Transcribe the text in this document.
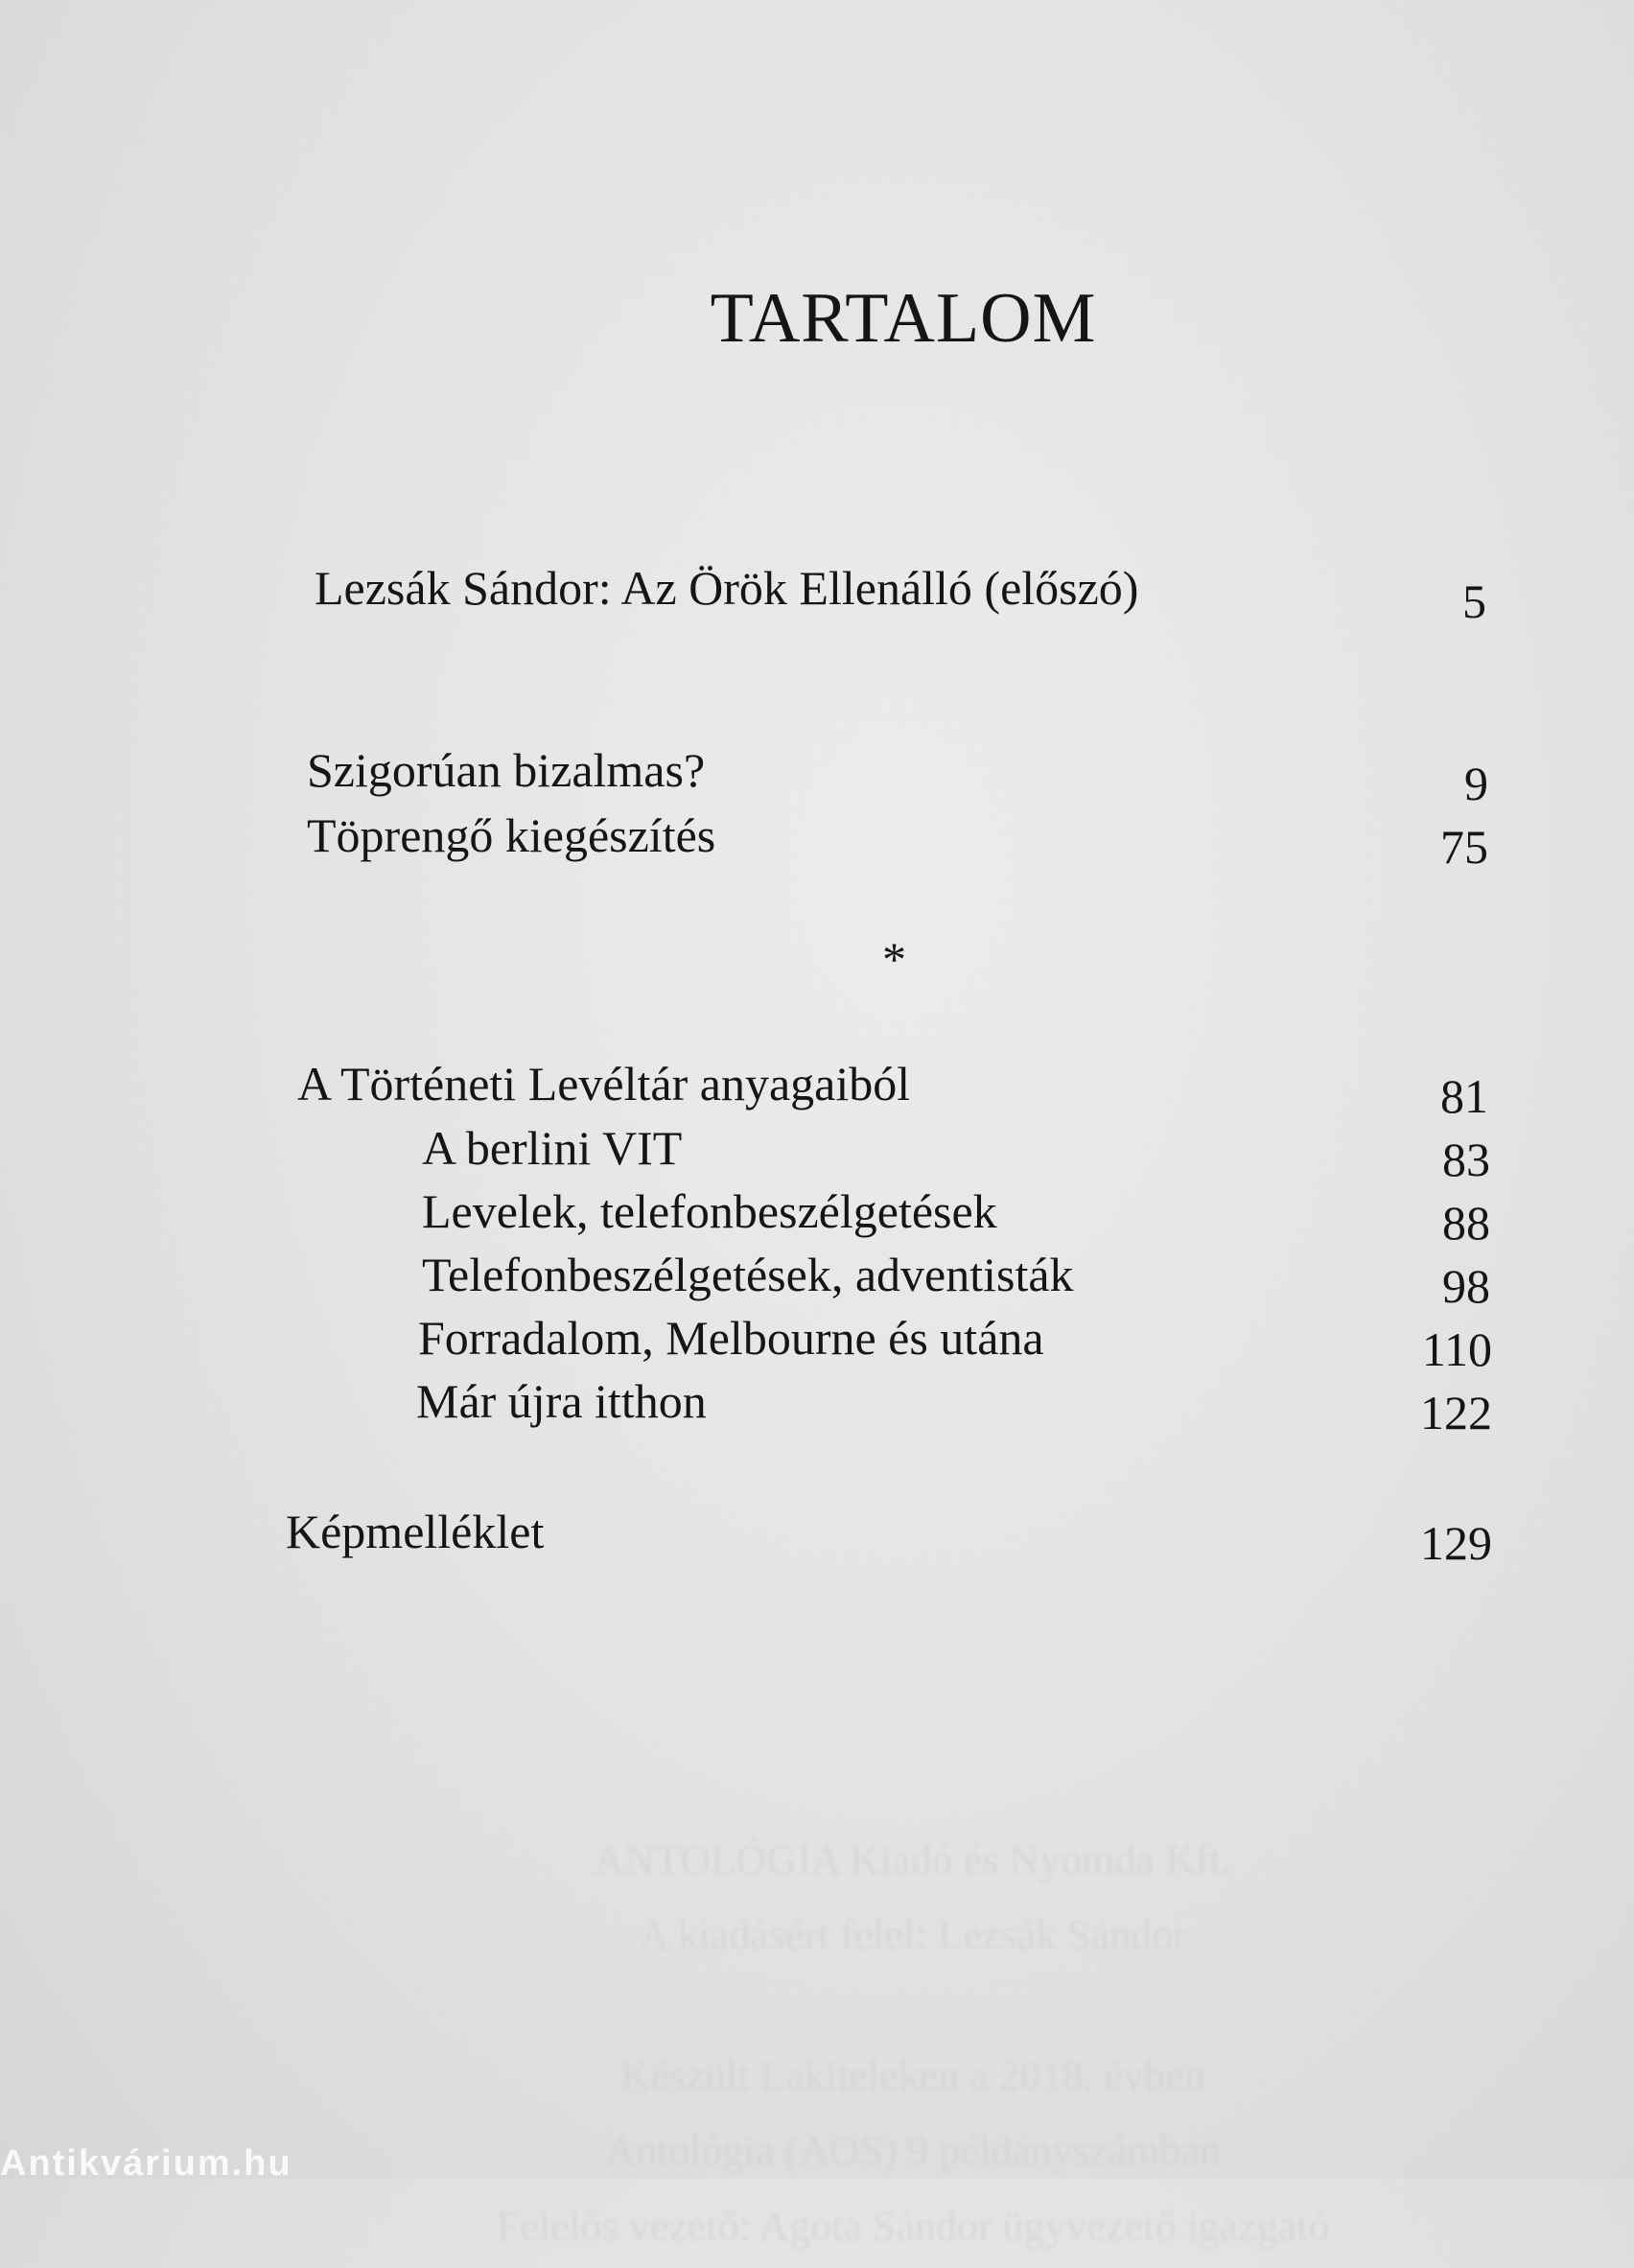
TARTALOM
Lezsák Sándor: Az Örök Ellenálló (előszó)	5
Szigorúan bizalmas?	9
Töprengő kiegészítés	75
*
A Történeti Levéltár anyagaiból	81
A berlini VIT	83
Levelek, telefonbeszélgetések	88
Telefonbeszélgetések, adventisták	98
Forradalom, Melbourne és utána	110
Már újra itthon	122
Képmelléklet	129
ANTOLÓGIA Kiadó és Nyomda Kft.
A kiadásért felel: Lezsák Sándor
Készült Lakiteleken a 2018. évben
Antológia (AOS) 9 példányszámban
Felelős vezető: Agota Sándor ügyvezető igazgató
Antikvárium.hu
